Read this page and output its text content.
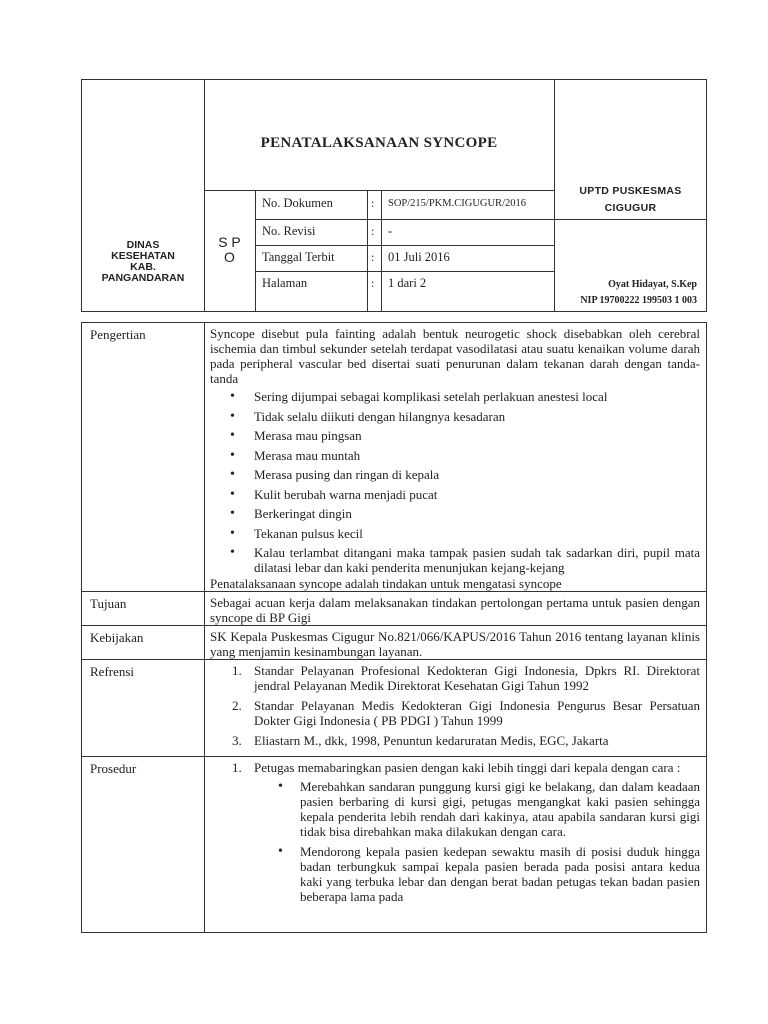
PENATALAKSANAAN SYNCOPE
DINAS
KESEHATAN
KAB.
PANGANDARAN
S P
O
No. Dokumen	: SOP/215/PKM.CIGUGUR/2016
No. Revisi	: -
Tanggal Terbit	: 01 Juli 2016
Halaman	: 1 dari 2
UPTD PUSKESMAS
CIGUGUR
Oyat Hidayat, S.Kep
NIP 19700222 199503 1 003
Pengertian	Syncope disebut pula fainting adalah bentuk neurogetic shock disebabkan oleh cerebral ischemia dan timbul sekunder setelah terdapat vasodilatasi atau suatu kenaikan volume darah pada peripheral vascular bed disertai suati penurunan dalam tekanan darah dengan tanda-tanda

• Sering dijumpai sebagai komplikasi setelah perlakuan anestesi local
• Tidak selalu diikuti dengan hilangnya kesadaran
• Merasa mau pingsan
• Merasa mau muntah
• Merasa pusing dan ringan di kepala
• Kulit berubah warna menjadi pucat
• Berkeringat dingin
• Tekanan pulsus kecil
• Kalau terlambat ditangani maka tampak pasien sudah tak sadarkan diri, pupil mata dilatasi lebar dan kaki penderita menunjukan kejang-kejang

Penatalaksanaan syncope adalah tindakan untuk mengatasi syncope

Tujuan	Sebagai acuan kerja dalam melaksanakan tindakan pertolongan pertama untuk pasien dengan syncope di BP Gigi
Kebijakan	SK Kepala Puskesmas Cigugur No.821/066/KAPUS/2016 Tahun 2016 tentang layanan klinis yang menjamin kesinambungan layanan.
Refrensi	1. Standar Pelayanan Profesional Kedokteran Gigi Indonesia, Dpkrs RI. Direktorat jendral Pelayanan Medik Direktorat Kesehatan Gigi Tahun 1992
2. Standar Pelayanan Medis Kedokteran Gigi Indonesia Pengurus Besar Persatuan Dokter Gigi Indonesia ( PB PDGI ) Tahun 1999
3. Eliastarn M., dkk, 1998, Penuntun kedaruratan Medis, EGC, Jakarta
Prosedur	1. Petugas memabaringkan pasien dengan kaki lebih tinggi dari kepala dengan cara :
• Merebahkan sandaran punggung kursi gigi ke belakang, dan dalam keadaan pasien berbaring di kursi gigi, petugas mengangkat kaki pasien sehingga kepala penderita lebih rendah dari kakinya, atau apabila sandaran kursi gigi tidak bisa direbahkan maka dilakukan dengan cara.
• Mendorong kepala pasien kedepan sewaktu masih di posisi duduk hingga badan terbungkuk sampai kepala pasien berada pada posisi antara kedua kaki yang terbuka lebar dan dengan berat badan petugas tekan badan pasien beberapa lama pada
